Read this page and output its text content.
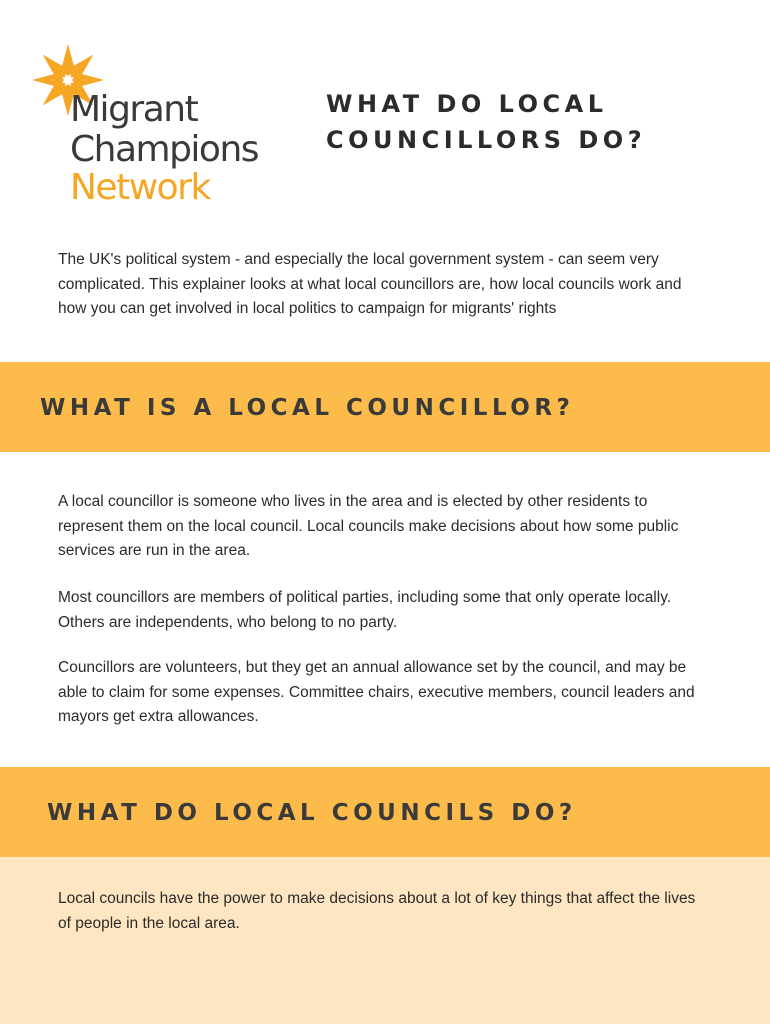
Migrant
Champions
Network
WHAT DO LOCAL COUNCILLORS DO?

The UK's political system - and especially the local government system - can seem very complicated. This explainer looks at what local councillors are, how local councils work and how you can get involved in local politics to campaign for migrants' rights

WHAT IS A LOCAL COUNCILLOR?

A local councillor is someone who lives in the area and is elected by other residents to represent them on the local council. Local councils make decisions about how some public services are run in the area.

Most councillors are members of political parties, including some that only operate locally. Others are independents, who belong to no party.

Councillors are volunteers, but they get an annual allowance set by the council, and may be able to claim for some expenses. Committee chairs, executive members, council leaders and mayors get extra allowances.

WHAT DO LOCAL COUNCILS DO?

Local councils have the power to make decisions about a lot of key things that affect the lives of people in the local area.
